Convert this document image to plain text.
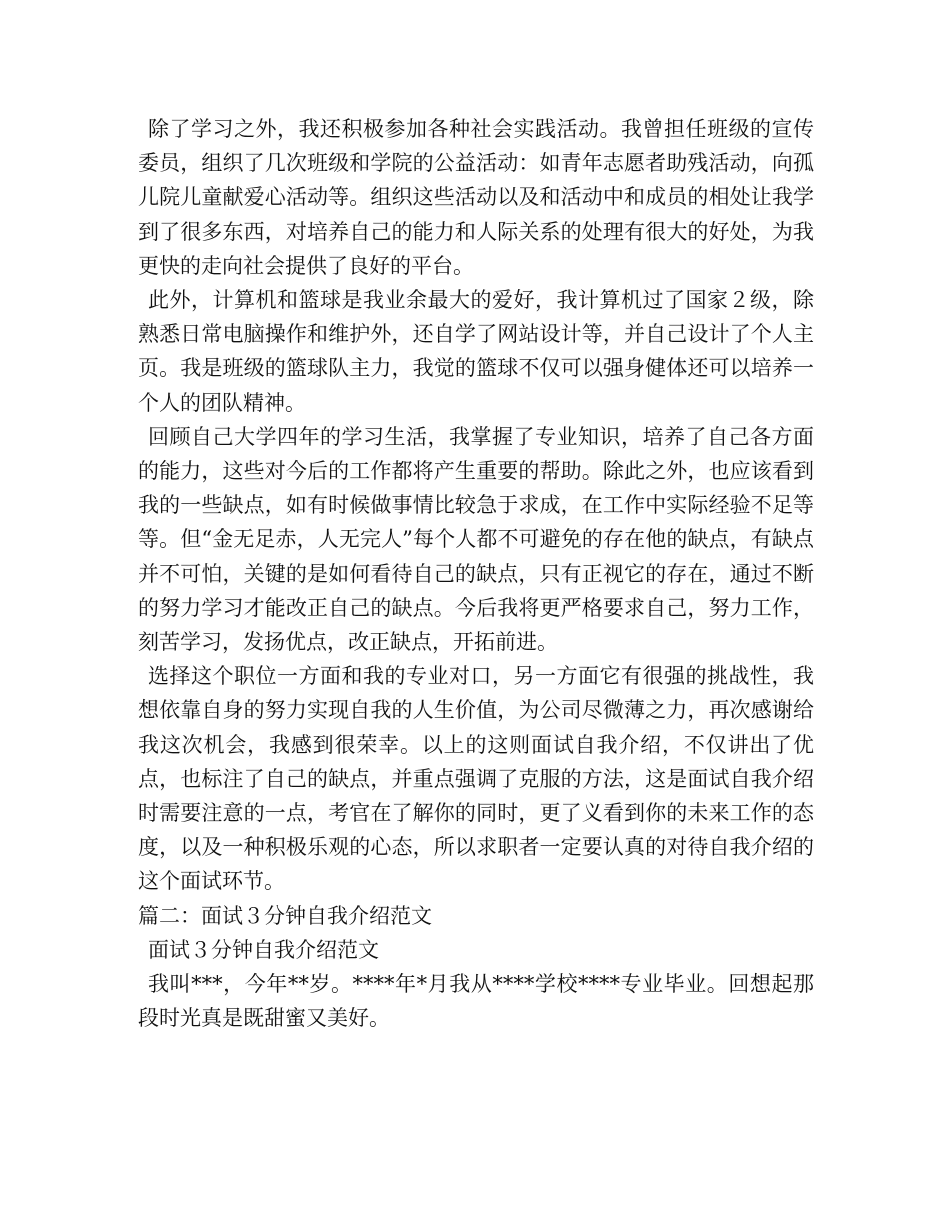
除了学习之外，我还积极参加各种社会实践活动。我曾担任班级的宣传委员，组织了几次班级和学院的公益活动：如青年志愿者助残活动，向孤儿院儿童献爱心活动等。组织这些活动以及和活动中和成员的相处让我学到了很多东西，对培养自己的能力和人际关系的处理有很大的好处，为我更快的走向社会提供了良好的平台。

此外，计算机和篮球是我业余最大的爱好，我计算机过了国家２级，除熟悉日常电脑操作和维护外，还自学了网站设计等，并自己设计了个人主页。我是班级的篮球队主力，我觉的篮球不仅可以强身健体还可以培养一个人的团队精神。

回顾自己大学四年的学习生活，我掌握了专业知识，培养了自己各方面的能力，这些对今后的工作都将产生重要的帮助。除此之外，也应该看到我的一些缺点，如有时候做事情比较急于求成，在工作中实际经验不足等等。但“金无足赤，人无完人”每个人都不可避免的存在他的缺点，有缺点并不可怕，关键的是如何看待自己的缺点，只有正视它的存在，通过不断的努力学习才能改正自己的缺点。今后我将更严格要求自己，努力工作，刻苦学习，发扬优点，改正缺点，开拓前进。

选择这个职位一方面和我的专业对口，另一方面它有很强的挑战性，我想依靠自身的努力实现自我的人生价值，为公司尽微薄之力，再次感谢给我这次机会，我感到很荣幸。以上的这则面试自我介绍，不仅讲出了优点，也标注了自己的缺点，并重点强调了克服的方法，这是面试自我介绍时需要注意的一点，考官在了解你的同时，更了义看到你的未来工作的态度，以及一种积极乐观的心态，所以求职者一定要认真的对待自我介绍的这个面试环节。

篇二：面试３分钟自我介绍范文

面试３分钟自我介绍范文

我叫***，今年**岁。****年*月我从****学校****专业毕业。回想起那段时光真是既甜蜜又美好。
